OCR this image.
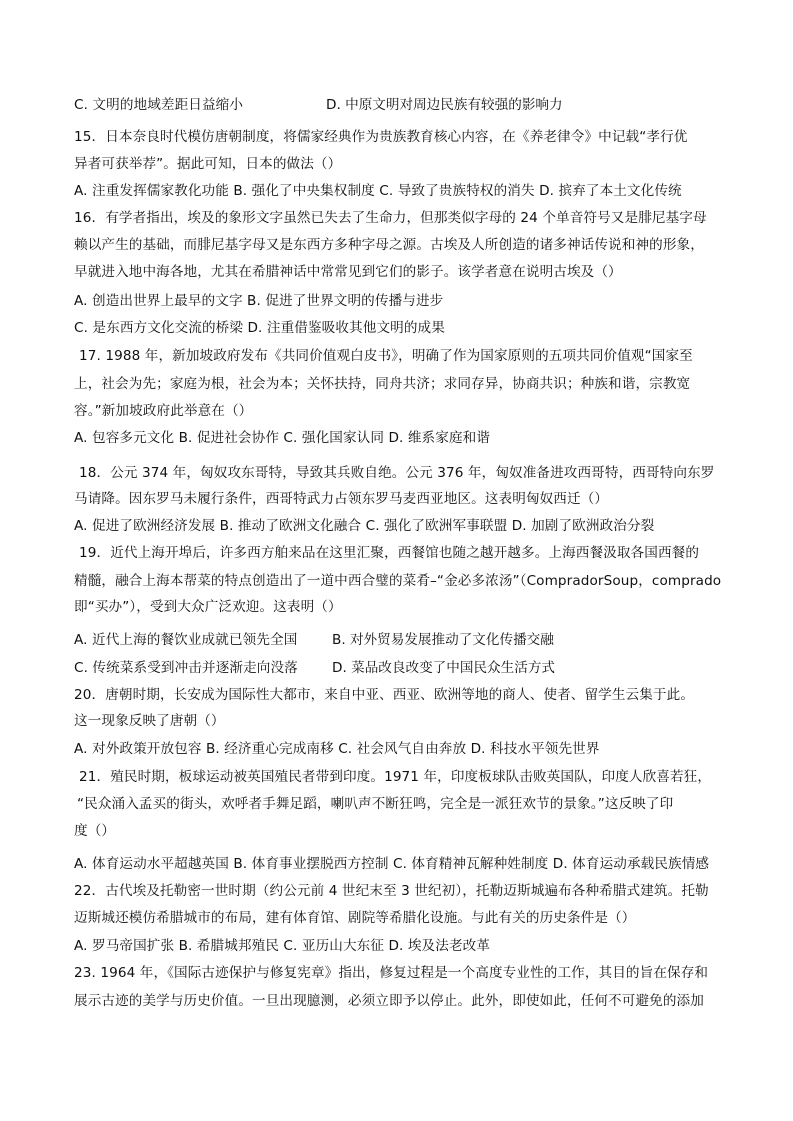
C. 文明的地域差距日益缩小	D. 中原文明对周边民族有较强的影响力
15．日本奈良时代模仿唐朝制度，将儒家经典作为贵族教育核心内容，在《养老律令》中记载“孝行优
异者可获举荐”。据此可知，日本的做法（）
A. 注重发挥儒家教化功能 B. 强化了中央集权制度 C. 导致了贵族特权的消失 D. 摈弃了本土文化传统
16．有学者指出，埃及的象形文字虽然已失去了生命力，但那类似字母的 24 个单音符号又是腓尼基字母
赖以产生的基础，而腓尼基字母又是东西方多种字母之源。古埃及人所创造的诸多神话传说和神的形象，
早就进入地中海各地，尤其在希腊神话中常常见到它们的影子。该学者意在说明古埃及（）
A. 创造出世界上最早的文字 B. 促进了世界文明的传播与进步
C. 是东西方文化交流的桥梁 D. 注重借鉴吸收其他文明的成果
17. 1988 年，新加坡政府发布《共同价值观白皮书》，明确了作为国家原则的五项共同价值观“国家至
上，社会为先；家庭为根，社会为本；关怀扶持，同舟共济；求同存异，协商共识；种族和谐，宗教宽
容。”新加坡政府此举意在（）
A. 包容多元文化 B. 促进社会协作 C. 强化国家认同 D. 维系家庭和谐
18．公元 374 年，匈奴攻东哥特，导致其兵败自绝。公元 376 年，匈奴准备进攻西哥特，西哥特向东罗
马请降。因东罗马未履行条件，西哥特武力占领东罗马麦西亚地区。这表明匈奴西迁（）
A. 促进了欧洲经济发展 B. 推动了欧洲文化融合 C. 强化了欧洲军事联盟 D. 加剧了欧洲政治分裂
19．近代上海开埠后，许多西方舶来品在这里汇聚，西餐馆也随之越开越多。上海西餐汲取各国西餐的
精髓，融合上海本帮菜的特点创造出了一道中西合璧的菜肴–“金必多浓汤”（CompradorSoup，comprado
即“买办”），受到大众广泛欢迎。这表明（）
A. 近代上海的餐饮业成就已领先全国	B. 对外贸易发展推动了文化传播交融
C. 传统菜系受到冲击并逐渐走向没落	D. 菜品改良改变了中国民众生活方式
20．唐朝时期，长安成为国际性大都市，来自中亚、西亚、欧洲等地的商人、使者、留学生云集于此。
这一现象反映了唐朝（）
A. 对外政策开放包容 B. 经济重心完成南移 C. 社会风气自由奔放 D. 科技水平领先世界
21．殖民时期，板球运动被英国殖民者带到印度。1971 年，印度板球队击败英国队，印度人欣喜若狂，
“民众涌入孟买的街头，欢呼者手舞足蹈，喇叭声不断狂鸣，完全是一派狂欢节的景象。”这反映了印
度（）
A. 体育运动水平超越英国 B. 体育事业摆脱西方控制 C. 体育精神瓦解种姓制度 D. 体育运动承载民族情感
22．古代埃及托勒密一世时期（约公元前 4 世纪末至 3 世纪初），托勒迈斯城遍布各种希腊式建筑。托勒
迈斯城还模仿希腊城市的布局，建有体育馆、剧院等希腊化设施。与此有关的历史条件是（）
A. 罗马帝国扩张 B. 希腊城邦殖民 C. 亚历山大东征 D. 埃及法老改革
23. 1964 年，《国际古迹保护与修复宪章》指出，修复过程是一个高度专业性的工作，其目的旨在保存和
展示古迹的美学与历史价值。一旦出现臆测，必须立即予以停止。此外，即使如此，任何不可避免的添加
